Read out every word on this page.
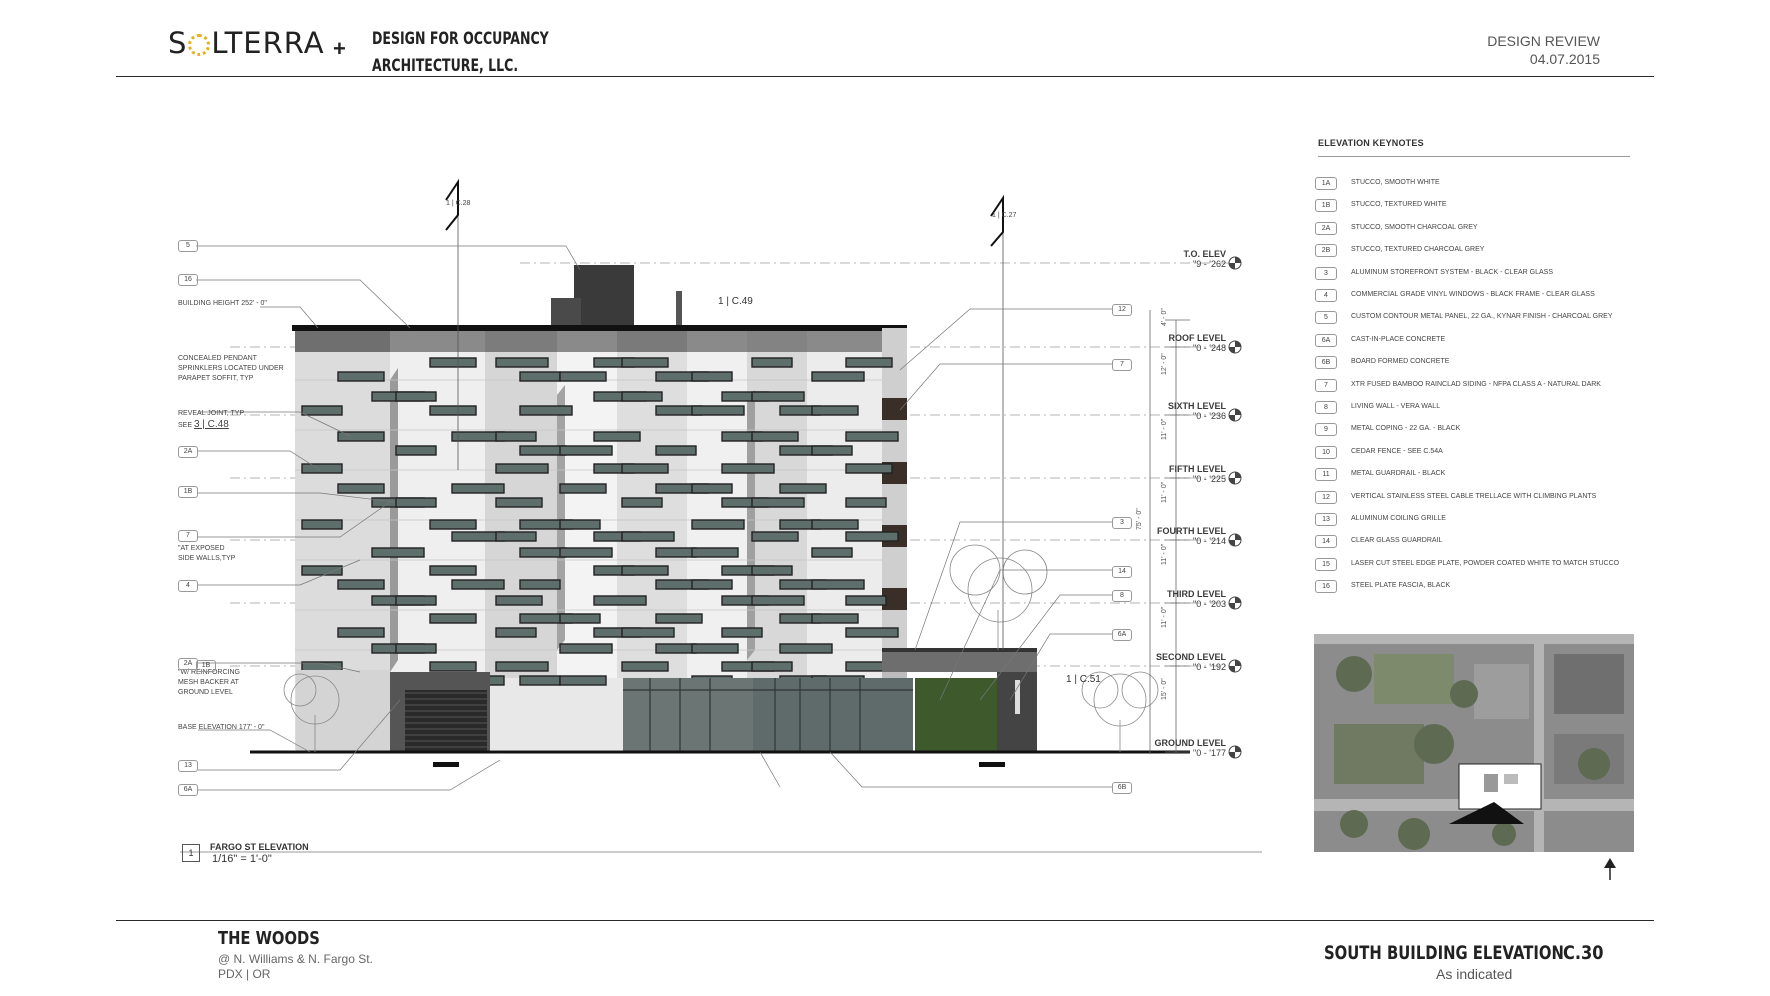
S LTERRA + DESIGN FOR OCCUPANCY
ARCHITECTURE, LLC.
DESIGN REVIEW
04.07.2015
1 | C.28
1 | C.27
1 | C.49
1 | C.51
BUILDING HEIGHT 252' - 0"
CONCEALED PENDANT
SPRINKLERS LOCATED UNDER
PARAPET SOFFIT, TYP
REVEAL JOINT, TYP
SEE 3 | C.48
"AT EXPOSED
SIDE WALLS,TYP
"W/ REINFORCING
MESH BACKER AT
GROUND LEVEL
BASE ELEVATION 177' - 0"
5
16
2A
1B
7
4
2A	1B
13
6A
12
7
3
14
8
6A
6B
T.O. ELEV
262' - 9"
ROOF LEVEL
248' - 0"
SIXTH LEVEL
236' - 0"
FIFTH LEVEL
225' - 0"
FOURTH LEVEL
214' - 0"
THIRD LEVEL
203' - 0"
SECOND LEVEL
192' - 0"
GROUND LEVEL
177' - 0"
4' - 0"
12' - 0"
11' - 0"
11' - 0"
11' - 0"
11' - 0"
15' - 0"
75' - 0"
1
FARGO ST ELEVATION
1/16" = 1'-0"
ELEVATION KEYNOTES
1A	STUCCO, SMOOTH WHITE
1B	STUCCO, TEXTURED WHITE
2A	STUCCO, SMOOTH CHARCOAL GREY
2B	STUCCO, TEXTURED CHARCOAL GREY
3	ALUMINUM STOREFRONT SYSTEM - BLACK - CLEAR GLASS
4	COMMERCIAL GRADE VINYL WINDOWS - BLACK FRAME - CLEAR GLASS
5	CUSTOM CONTOUR METAL PANEL, 22 GA., KYNAR FINISH - CHARCOAL GREY
6A	CAST-IN-PLACE CONCRETE
6B	BOARD FORMED CONCRETE
7	XTR FUSED BAMBOO RAINCLAD SIDING - NFPA CLASS A - NATURAL DARK
8	LIVING WALL - VERA WALL
9	METAL COPING - 22 GA. - BLACK
10	CEDAR FENCE - SEE C.54A
11	METAL GUARDRAIL - BLACK
12	VERTICAL STAINLESS STEEL CABLE TRELLACE WITH CLIMBING PLANTS
13	ALUMINUM COILING GRILLE
14	CLEAR GLASS GUARDRAIL
15	LASER CUT STEEL EDGE PLATE, POWDER COATED WHITE TO MATCH STUCCO
16	STEEL PLATE FASCIA, BLACK
THE WOODS
@ N. Williams & N. Fargo St.
PDX | OR
SOUTH BUILDING ELEVATION
As indicated
C.30
